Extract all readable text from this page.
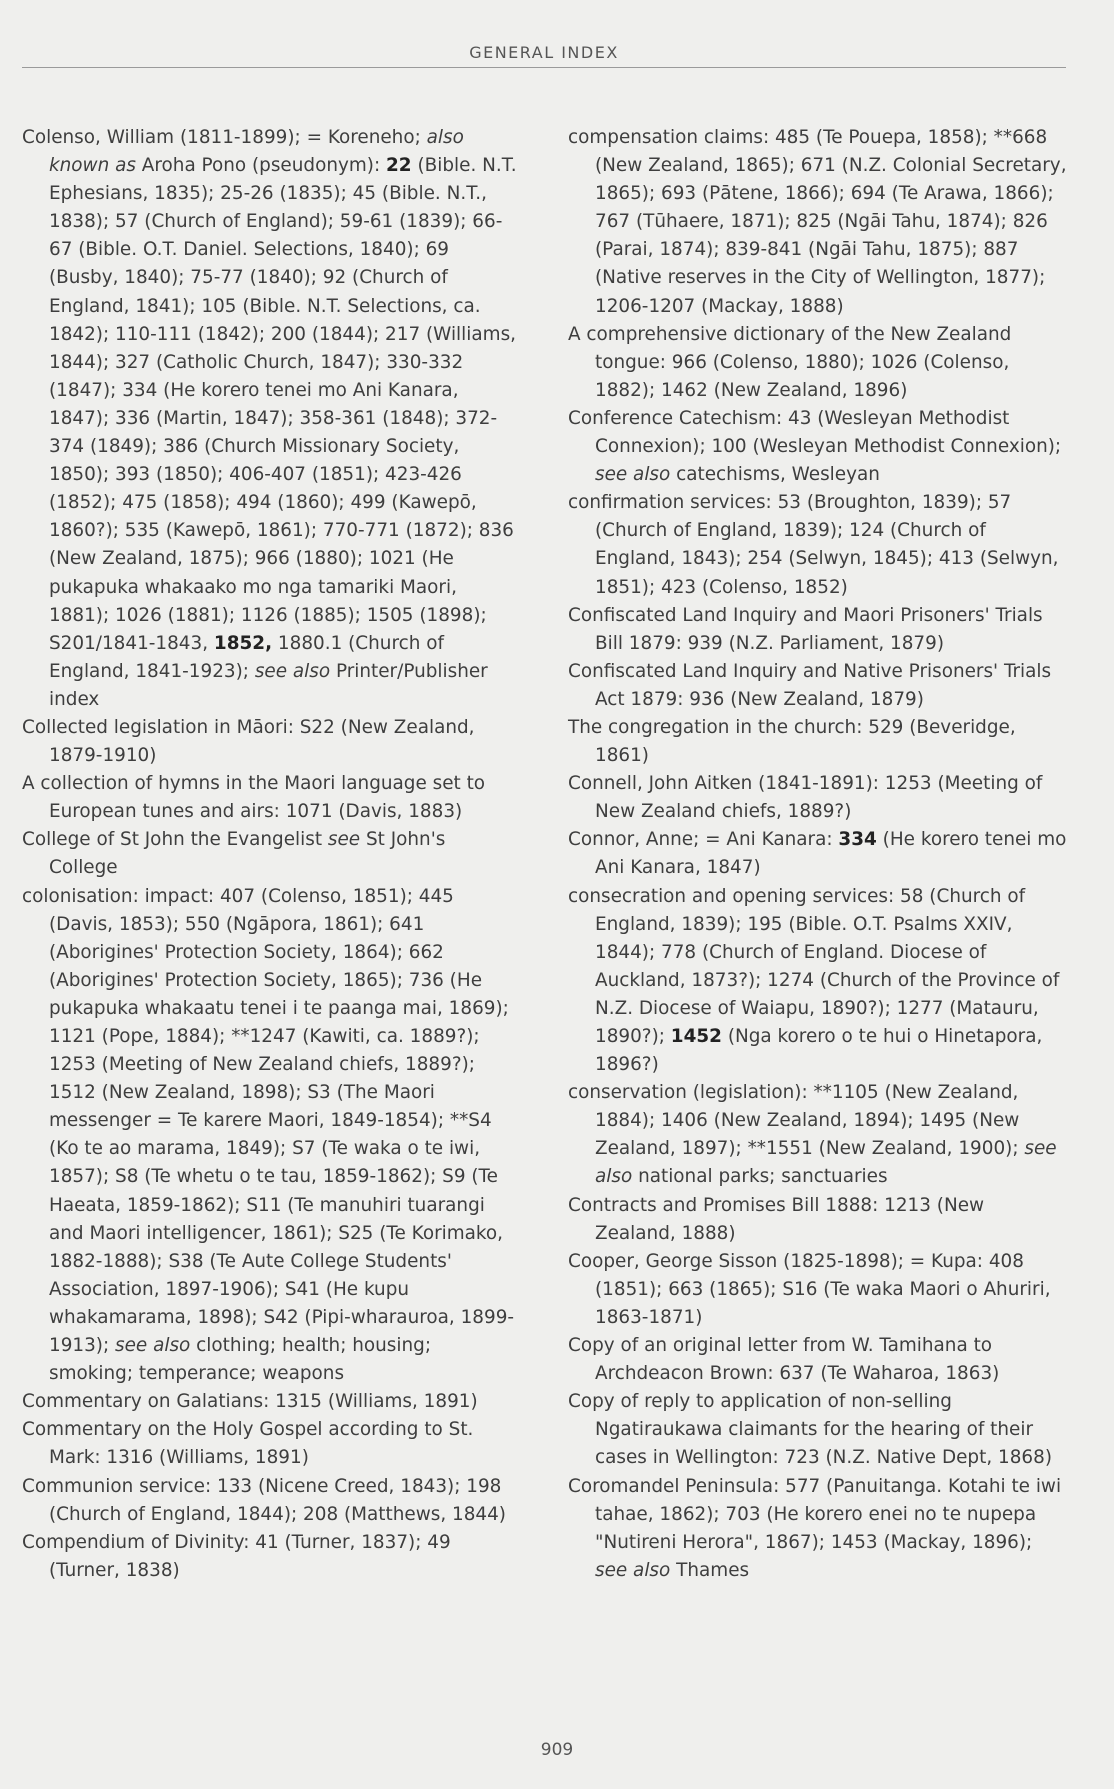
GENERAL INDEX

Colenso, William (1811-1899); = Koreneho; also known as Aroha Pono (pseudonym): 22 (Bible. N.T. Ephesians, 1835); 25-26 (1835); 45 (Bible. N.T., 1838); 57 (Church of England); 59-61 (1839); 66-67 (Bible. O.T. Daniel. Selections, 1840); 69 (Busby, 1840); 75-77 (1840); 92 (Church of England, 1841); 105 (Bible. N.T. Selections, ca. 1842); 110-111 (1842); 200 (1844); 217 (Williams, 1844); 327 (Catholic Church, 1847); 330-332 (1847); 334 (He korero tenei mo Ani Kanara, 1847); 336 (Martin, 1847); 358-361 (1848); 372-374 (1849); 386 (Church Missionary Society, 1850); 393 (1850); 406-407 (1851); 423-426 (1852); 475 (1858); 494 (1860); 499 (Kawepō, 1860?); 535 (Kawepō, 1861); 770-771 (1872); 836 (New Zealand, 1875); 966 (1880); 1021 (He pukapuka whakaako mo nga tamariki Maori, 1881); 1026 (1881); 1126 (1885); 1505 (1898); S201/1841-1843, 1852, 1880.1 (Church of England, 1841-1923); see also Printer/Publisher index

Collected legislation in Māori: S22 (New Zealand, 1879-1910)

A collection of hymns in the Maori language set to European tunes and airs: 1071 (Davis, 1883)

College of St John the Evangelist see St John's College

colonisation: impact: 407 (Colenso, 1851); 445 (Davis, 1853); 550 (Ngāpora, 1861); 641 (Aborigines' Protection Society, 1864); 662 (Aborigines' Protection Society, 1865); 736 (He pukapuka whakaatu tenei i te paanga mai, 1869); 1121 (Pope, 1884); **1247 (Kawiti, ca. 1889?); 1253 (Meeting of New Zealand chiefs, 1889?); 1512 (New Zealand, 1898); S3 (The Maori messenger = Te karere Maori, 1849-1854); **S4 (Ko te ao marama, 1849); S7 (Te waka o te iwi, 1857); S8 (Te whetu o te tau, 1859-1862); S9 (Te Haeata, 1859-1862); S11 (Te manuhiri tuarangi and Maori intelligencer, 1861); S25 (Te Korimako, 1882-1888); S38 (Te Aute College Students' Association, 1897-1906); S41 (He kupu whakamarama, 1898); S42 (Pipi-wharauroa, 1899-1913); see also clothing; health; housing; smoking; temperance; weapons

Commentary on Galatians: 1315 (Williams, 1891)

Commentary on the Holy Gospel according to St. Mark: 1316 (Williams, 1891)

Communion service: 133 (Nicene Creed, 1843); 198 (Church of England, 1844); 208 (Matthews, 1844)

Compendium of Divinity: 41 (Turner, 1837); 49 (Turner, 1838)

compensation claims: 485 (Te Pouepa, 1858); **668 (New Zealand, 1865); 671 (N.Z. Colonial Secretary, 1865); 693 (Pātene, 1866); 694 (Te Arawa, 1866); 767 (Tūhaere, 1871); 825 (Ngāi Tahu, 1874); 826 (Parai, 1874); 839-841 (Ngāi Tahu, 1875); 887 (Native reserves in the City of Wellington, 1877); 1206-1207 (Mackay, 1888)

A comprehensive dictionary of the New Zealand tongue: 966 (Colenso, 1880); 1026 (Colenso, 1882); 1462 (New Zealand, 1896)

Conference Catechism: 43 (Wesleyan Methodist Connexion); 100 (Wesleyan Methodist Connexion); see also catechisms, Wesleyan

confirmation services: 53 (Broughton, 1839); 57 (Church of England, 1839); 124 (Church of England, 1843); 254 (Selwyn, 1845); 413 (Selwyn, 1851); 423 (Colenso, 1852)

Confiscated Land Inquiry and Maori Prisoners' Trials Bill 1879: 939 (N.Z. Parliament, 1879)

Confiscated Land Inquiry and Native Prisoners' Trials Act 1879: 936 (New Zealand, 1879)

The congregation in the church: 529 (Beveridge, 1861)

Connell, John Aitken (1841-1891): 1253 (Meeting of New Zealand chiefs, 1889?)

Connor, Anne; = Ani Kanara: 334 (He korero tenei mo Ani Kanara, 1847)

consecration and opening services: 58 (Church of England, 1839); 195 (Bible. O.T. Psalms XXIV, 1844); 778 (Church of England. Diocese of Auckland, 1873?); 1274 (Church of the Province of N.Z. Diocese of Waiapu, 1890?); 1277 (Matauru, 1890?); 1452 (Nga korero o te hui o Hinetapora, 1896?)

conservation (legislation): **1105 (New Zealand, 1884); 1406 (New Zealand, 1894); 1495 (New Zealand, 1897); **1551 (New Zealand, 1900); see also national parks; sanctuaries

Contracts and Promises Bill 1888: 1213 (New Zealand, 1888)

Cooper, George Sisson (1825-1898); = Kupa: 408 (1851); 663 (1865); S16 (Te waka Maori o Ahuriri, 1863-1871)

Copy of an original letter from W. Tamihana to Archdeacon Brown: 637 (Te Waharoa, 1863)

Copy of reply to application of non-selling Ngatiraukawa claimants for the hearing of their cases in Wellington: 723 (N.Z. Native Dept, 1868)

Coromandel Peninsula: 577 (Panuitanga. Kotahi te iwi tahae, 1862); 703 (He korero enei no te nupepa "Nutireni Herora", 1867); 1453 (Mackay, 1896); see also Thames

909
